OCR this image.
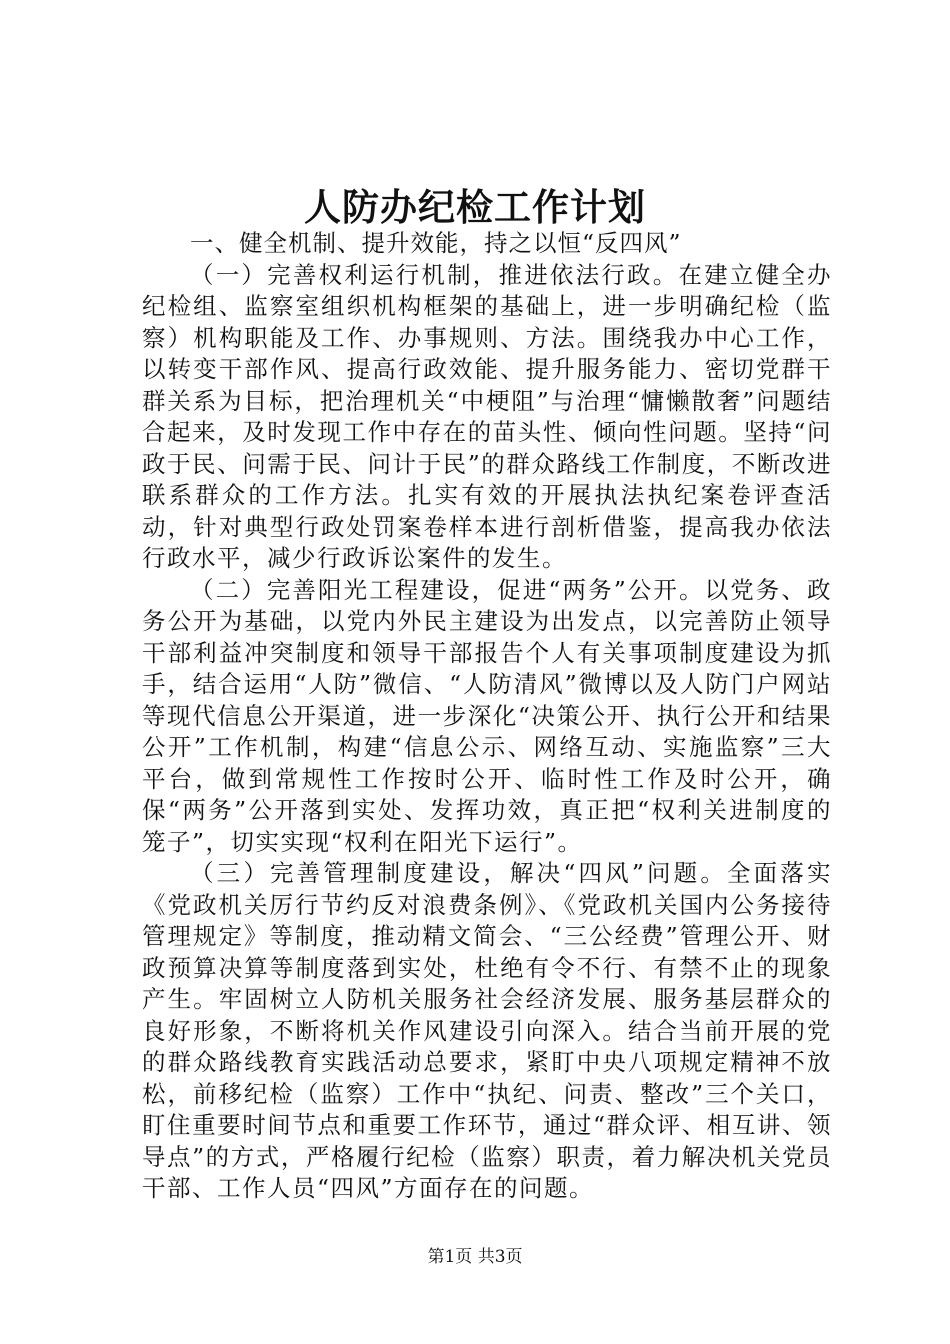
人防办纪检工作计划

一、健全机制、提升效能，持之以恒“反四风”

（一）完善权利运行机制，推进依法行政。在建立健全办纪检组、监察室组织机构框架的基础上，进一步明确纪检（监察）机构职能及工作、办事规则、方法。围绕我办中心工作，以转变干部作风、提高行政效能、提升服务能力、密切党群干群关系为目标，把治理机关“中梗阻”与治理“慵懒散奢”问题结合起来，及时发现工作中存在的苗头性、倾向性问题。坚持“问政于民、问需于民、问计于民”的群众路线工作制度，不断改进联系群众的工作方法。扎实有效的开展执法执纪案卷评查活动，针对典型行政处罚案卷样本进行剖析借鉴，提高我办依法行政水平，减少行政诉讼案件的发生。

（二）完善阳光工程建设，促进“两务”公开。以党务、政务公开为基础，以党内外民主建设为出发点，以完善防止领导干部利益冲突制度和领导干部报告个人有关事项制度建设为抓手，结合运用“人防”微信、“人防清风”微博以及人防门户网站等现代信息公开渠道，进一步深化“决策公开、执行公开和结果公开”工作机制，构建“信息公示、网络互动、实施监察”三大平台，做到常规性工作按时公开、临时性工作及时公开，确保“两务”公开落到实处、发挥功效，真正把“权利关进制度的笼子”，切实实现“权利在阳光下运行”。

（三）完善管理制度建设，解决“四风”问题。全面落实《党政机关厉行节约反对浪费条例》、《党政机关国内公务接待管理规定》等制度，推动精文简会、“三公经费”管理公开、财政预算决算等制度落到实处，杜绝有令不行、有禁不止的现象产生。牢固树立人防机关服务社会经济发展、服务基层群众的良好形象，不断将机关作风建设引向深入。结合当前开展的党的群众路线教育实践活动总要求，紧盯中央八项规定精神不放松，前移纪检（监察）工作中“执纪、问责、整改”三个关口，盯住重要时间节点和重要工作环节，通过“群众评、相互讲、领导点”的方式，严格履行纪检（监察）职责，着力解决机关党员干部、工作人员“四风”方面存在的问题。

第1页 共3页
